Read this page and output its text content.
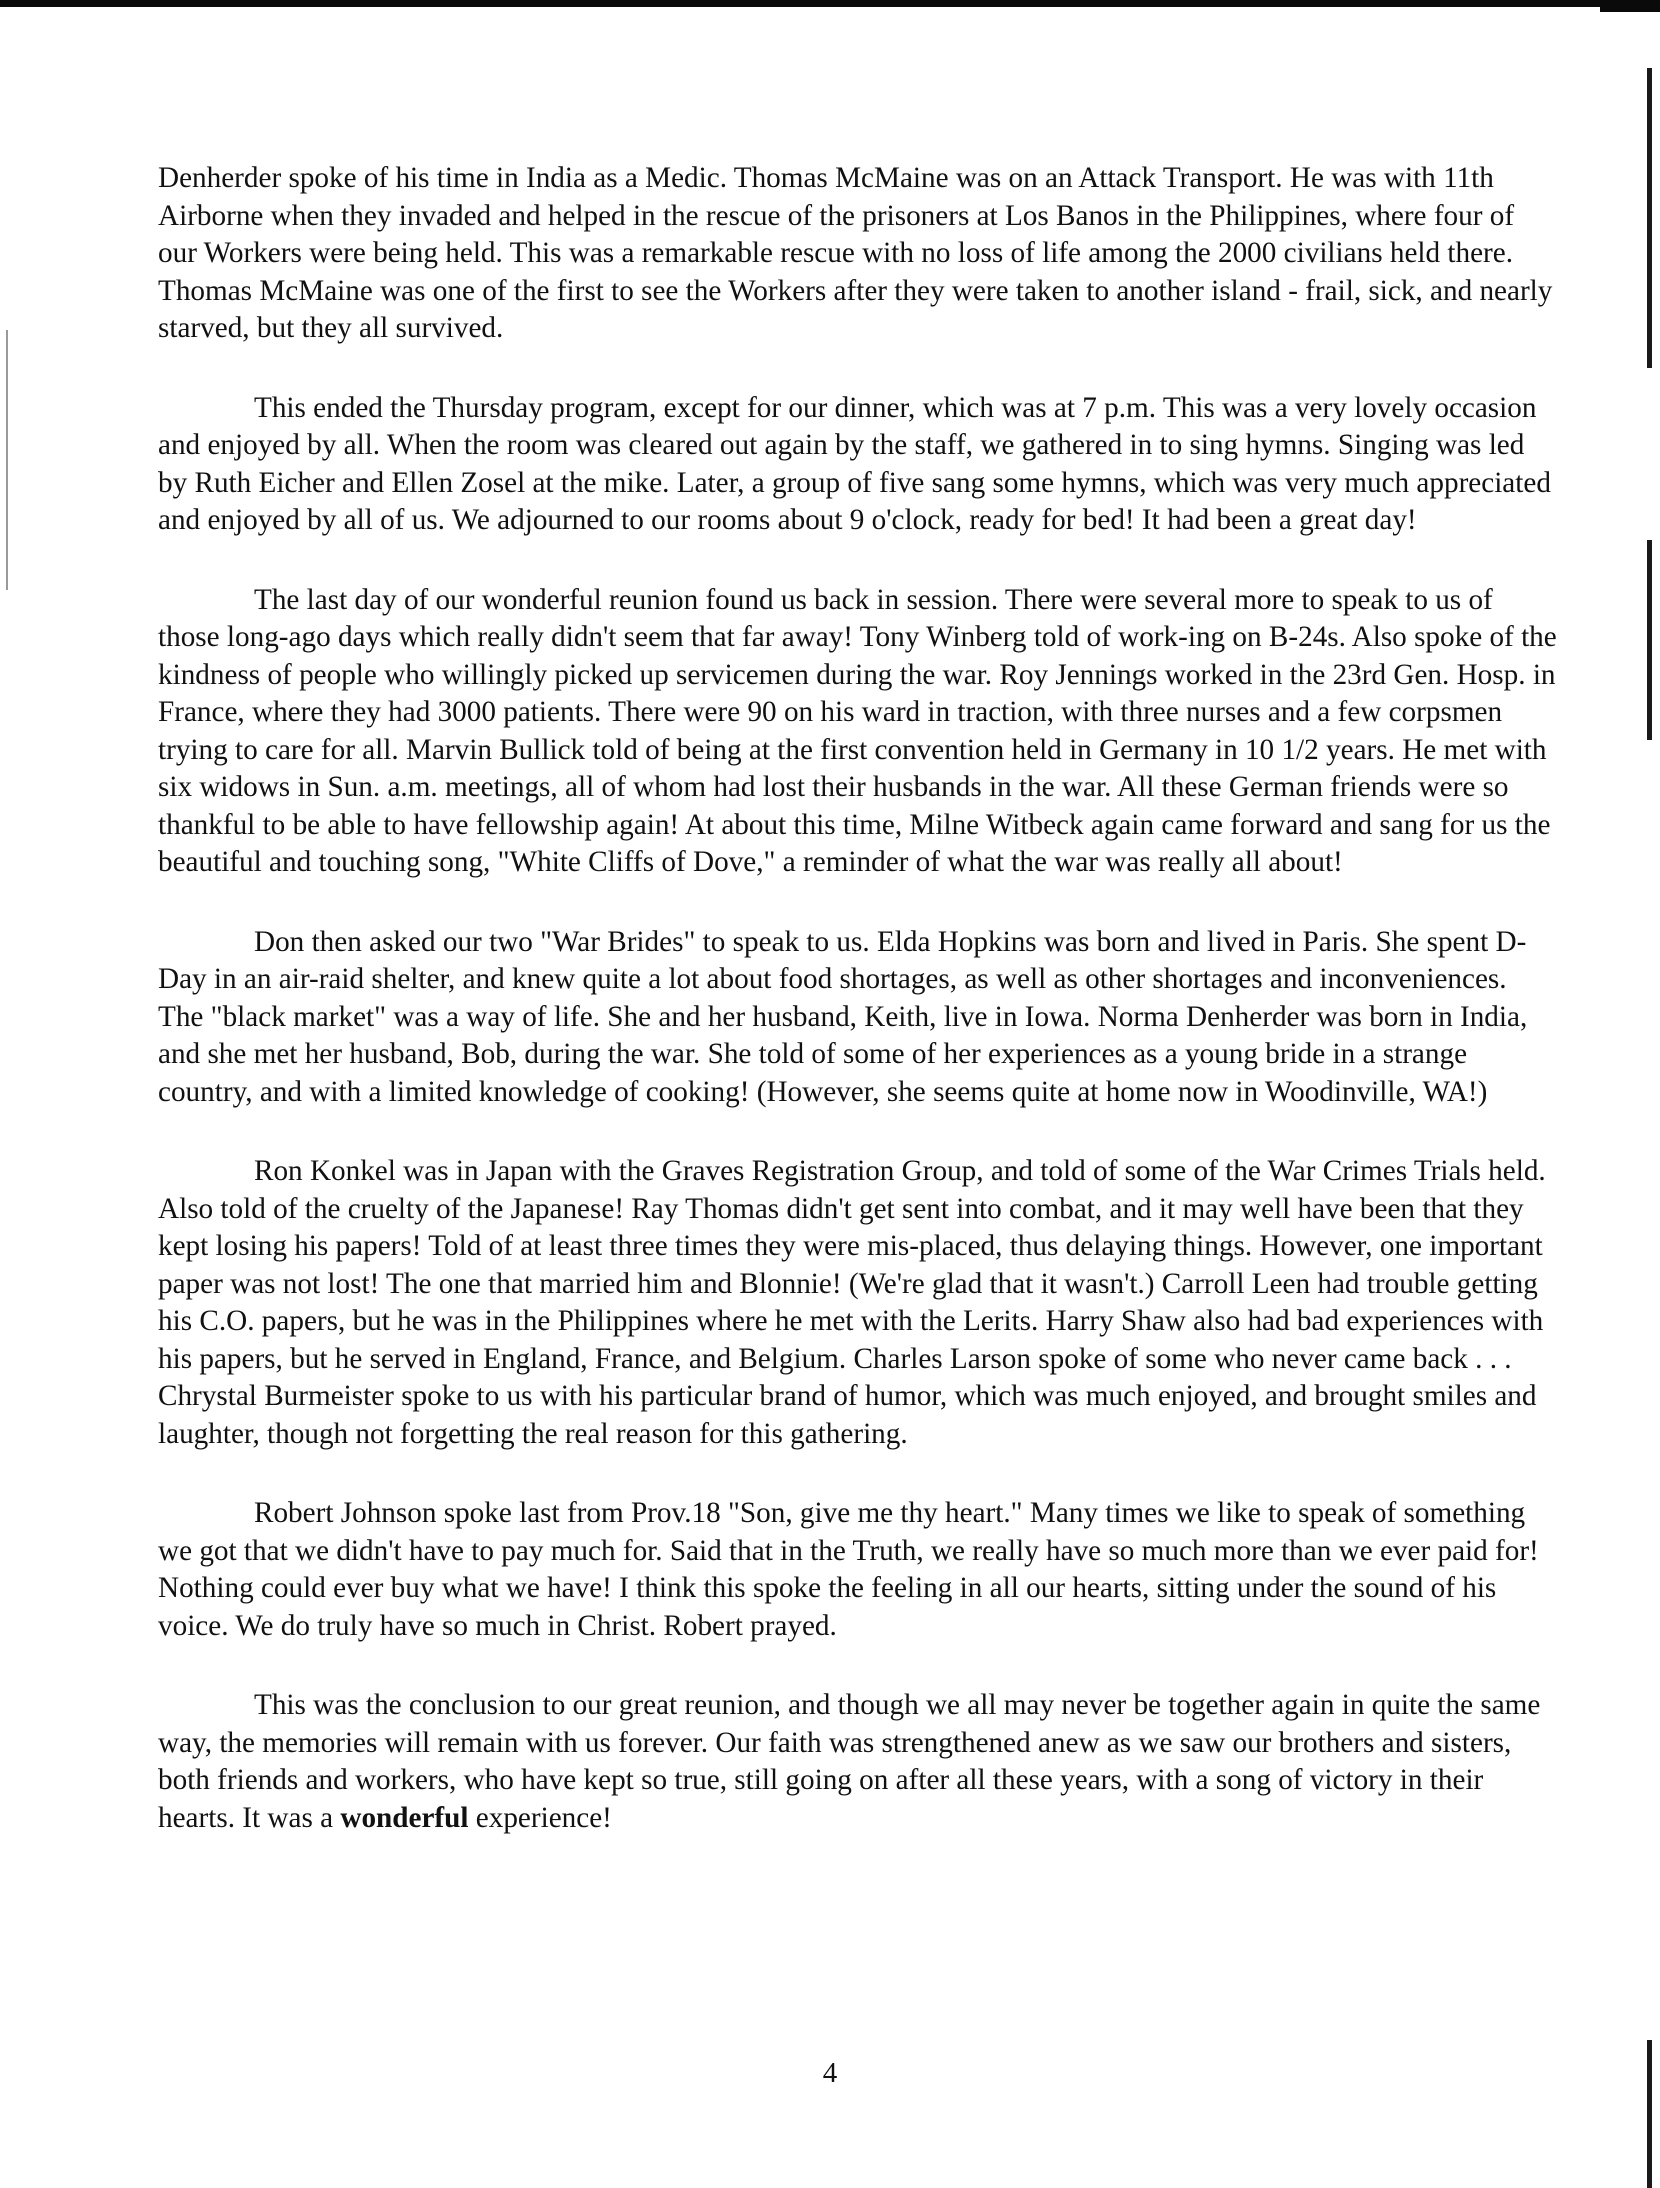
Denherder spoke of his time in India as a Medic. Thomas McMaine was on an Attack Transport. He was with 11th Airborne when they invaded and helped in the rescue of the prisoners at Los Banos in the Philippines, where four of our Workers were being held. This was a remarkable rescue with no loss of life among the 2000 civilians held there. Thomas McMaine was one of the first to see the Workers after they were taken to another island - frail, sick, and nearly starved, but they all survived.

This ended the Thursday program, except for our dinner, which was at 7 p.m. This was a very lovely occasion and enjoyed by all. When the room was cleared out again by the staff, we gathered in to sing hymns. Singing was led by Ruth Eicher and Ellen Zosel at the mike. Later, a group of five sang some hymns, which was very much appreciated and enjoyed by all of us. We adjourned to our rooms about 9 o'clock, ready for bed! It had been a great day!

The last day of our wonderful reunion found us back in session. There were several more to speak to us of those long-ago days which really didn't seem that far away! Tony Winberg told of work-ing on B-24s. Also spoke of the kindness of people who willingly picked up servicemen during the war. Roy Jennings worked in the 23rd Gen. Hosp. in France, where they had 3000 patients. There were 90 on his ward in traction, with three nurses and a few corpsmen trying to care for all. Marvin Bullick told of being at the first convention held in Germany in 10 1/2 years. He met with six widows in Sun. a.m. meetings, all of whom had lost their husbands in the war. All these German friends were so thankful to be able to have fellowship again! At about this time, Milne Witbeck again came forward and sang for us the beautiful and touching song, "White Cliffs of Dove," a reminder of what the war was really all about!

Don then asked our two "War Brides" to speak to us. Elda Hopkins was born and lived in Paris. She spent D-Day in an air-raid shelter, and knew quite a lot about food shortages, as well as other shortages and inconveniences. The "black market" was a way of life. She and her husband, Keith, live in Iowa. Norma Denherder was born in India, and she met her husband, Bob, during the war. She told of some of her experiences as a young bride in a strange country, and with a limited knowledge of cooking! (However, she seems quite at home now in Woodinville, WA!)

Ron Konkel was in Japan with the Graves Registration Group, and told of some of the War Crimes Trials held. Also told of the cruelty of the Japanese! Ray Thomas didn't get sent into combat, and it may well have been that they kept losing his papers! Told of at least three times they were mis-placed, thus delaying things. However, one important paper was not lost! The one that married him and Blonnie! (We're glad that it wasn't.) Carroll Leen had trouble getting his C.O. papers, but he was in the Philippines where he met with the Lerits. Harry Shaw also had bad experiences with his papers, but he served in England, France, and Belgium. Charles Larson spoke of some who never came back . . . Chrystal Burmeister spoke to us with his particular brand of humor, which was much enjoyed, and brought smiles and laughter, though not forgetting the real reason for this gathering.

Robert Johnson spoke last from Prov.18 "Son, give me thy heart." Many times we like to speak of something we got that we didn't have to pay much for. Said that in the Truth, we really have so much more than we ever paid for! Nothing could ever buy what we have! I think this spoke the feeling in all our hearts, sitting under the sound of his voice. We do truly have so much in Christ. Robert prayed.

This was the conclusion to our great reunion, and though we all may never be together again in quite the same way, the memories will remain with us forever. Our faith was strengthened anew as we saw our brothers and sisters, both friends and workers, who have kept so true, still going on after all these years, with a song of victory in their hearts. It was a wonderful experience!

4
